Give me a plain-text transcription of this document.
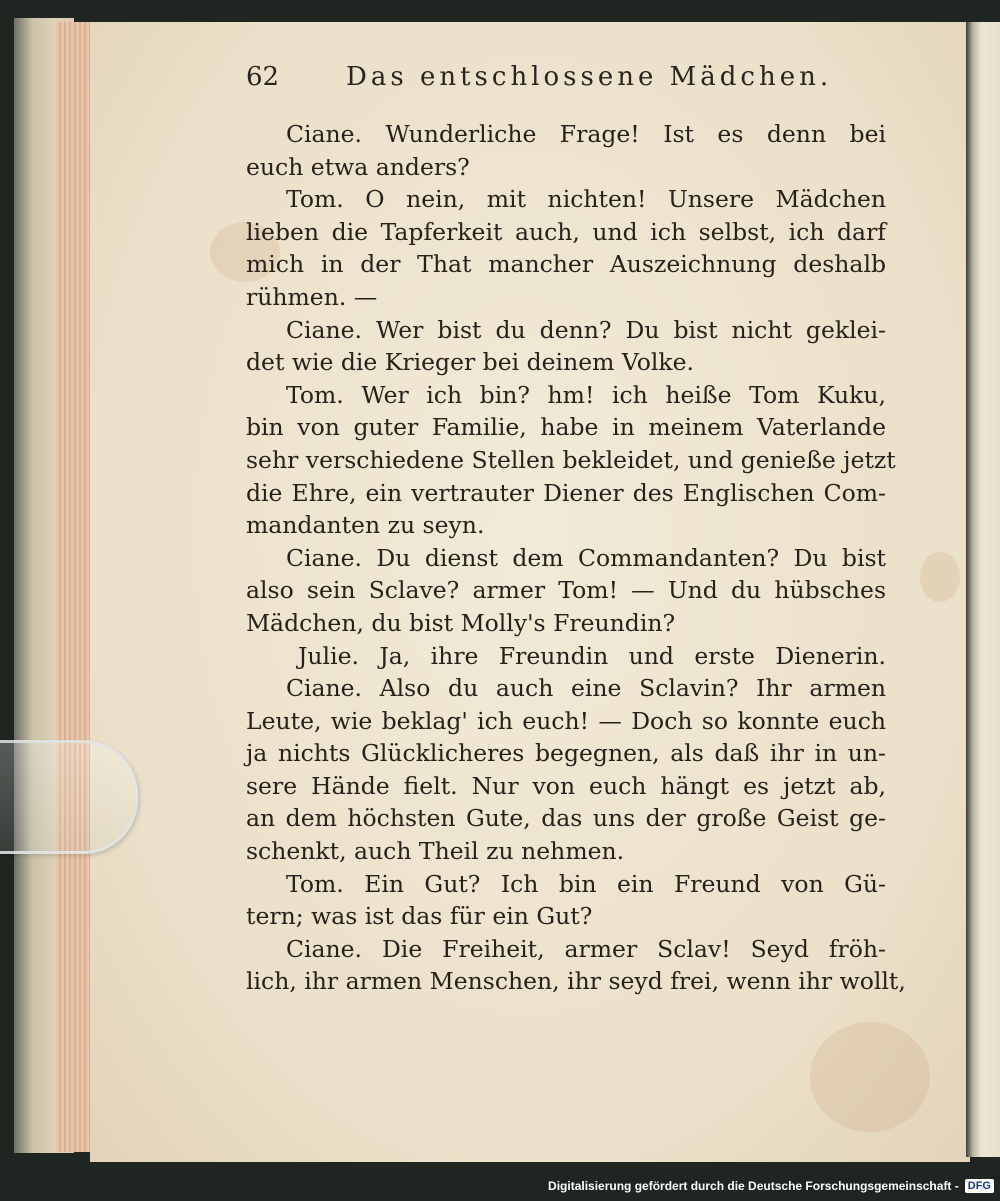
62	Das entschlossene Mädchen.
Ciane. Wunderliche Frage! Ist es denn bei
euch etwa anders?
Tom. O nein, mit nichten! Unsere Mädchen
lieben die Tapferkeit auch, und ich selbst, ich darf
mich in der That mancher Auszeichnung deshalb
rühmen. —
Ciane. Wer bist du denn? Du bist nicht geklei-
det wie die Krieger bei deinem Volke.
Tom. Wer ich bin? hm! ich heiße Tom Kuku,
bin von guter Familie, habe in meinem Vaterlande
sehr verschiedene Stellen bekleidet, und genieße jetzt
die Ehre, ein vertrauter Diener des Englischen Com-
mandanten zu seyn.
Ciane. Du dienst dem Commandanten? Du bist
also sein Sclave? armer Tom! — Und du hübsches
Mädchen, du bist Molly's Freundin?
Julie. Ja, ihre Freundin und erste Dienerin.
Ciane. Also du auch eine Sclavin? Ihr armen
Leute, wie beklag' ich euch! — Doch so konnte euch
ja nichts Glücklicheres begegnen, als daß ihr in un-
sere Hände fielt. Nur von euch hängt es jetzt ab,
an dem höchsten Gute, das uns der große Geist ge-
schenkt, auch Theil zu nehmen.
Tom. Ein Gut? Ich bin ein Freund von Gü-
tern; was ist das für ein Gut?
Ciane. Die Freiheit, armer Sclav! Seyd fröh-
lich, ihr armen Menschen, ihr seyd frei, wenn ihr wollt,
Digitalisierung gefördert durch die Deutsche Forschungsgemeinschaft - DFG
